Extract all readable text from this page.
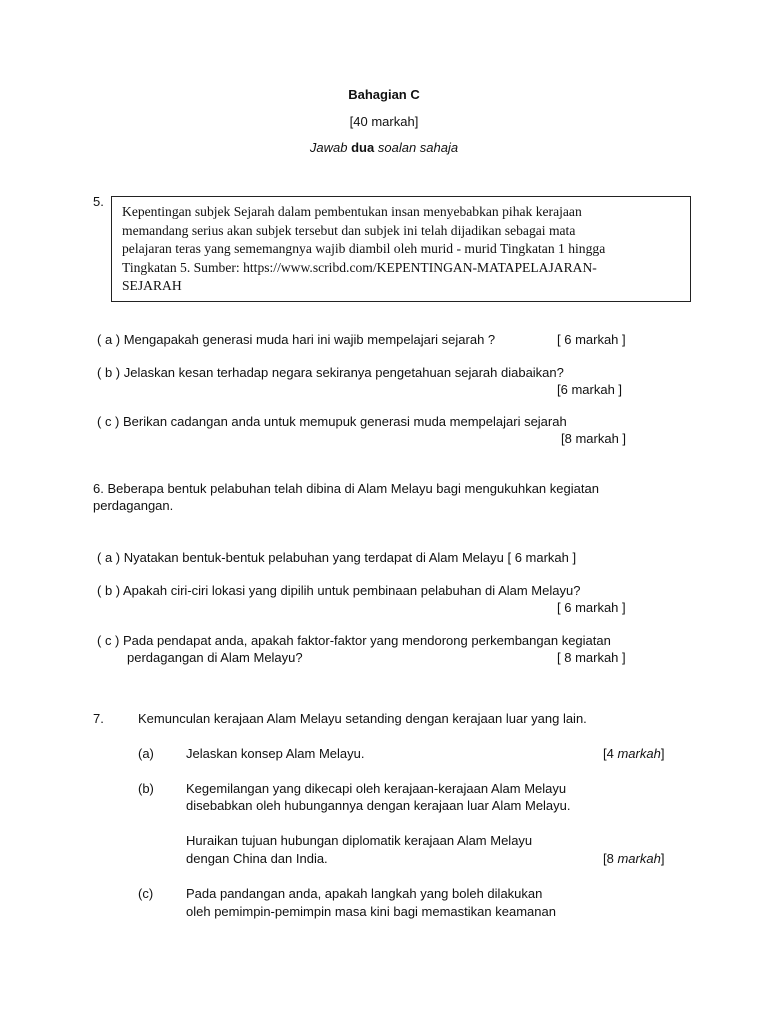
Bahagian C
[40 markah]
Jawab dua soalan sahaja
5.
Kepentingan subjek Sejarah dalam pembentukan insan menyebabkan pihak kerajaan
memandang serius akan subjek tersebut dan subjek ini telah dijadikan sebagai mata
pelajaran teras yang sememangnya wajib diambil oleh murid - murid Tingkatan 1 hingga
Tingkatan 5. Sumber: https://www.scribd.com/KEPENTINGAN-MATAPELAJARAN-
SEJARAH
( a ) Mengapakah generasi muda hari ini wajib mempelajari sejarah ?	[ 6 markah ]
( b ) Jelaskan kesan terhadap negara sekiranya pengetahuan sejarah diabaikan?
[6 markah ]
( c ) Berikan cadangan anda untuk memupuk generasi muda mempelajari sejarah
[8 markah ]
6. Beberapa bentuk pelabuhan telah dibina di Alam Melayu bagi mengukuhkan kegiatan
perdagangan.
( a ) Nyatakan bentuk-bentuk pelabuhan yang terdapat di Alam Melayu [ 6 markah ]
( b ) Apakah ciri-ciri lokasi yang dipilih untuk pembinaan pelabuhan di Alam Melayu?
[ 6 markah ]
( c ) Pada pendapat anda, apakah faktor-faktor yang mendorong perkembangan kegiatan
perdagangan di Alam Melayu?	[ 8 markah ]
7.	Kemunculan kerajaan Alam Melayu setanding dengan kerajaan luar yang lain.
(a) Jelaskan konsep Alam Melayu.	[4 markah]
(b) Kegemilangan yang dikecapi oleh kerajaan-kerajaan Alam Melayu
disebabkan oleh hubungannya dengan kerajaan luar Alam Melayu.
Huraikan tujuan hubungan diplomatik kerajaan Alam Melayu
dengan China dan India.	[8 markah]
(c)	Pada pandangan anda, apakah langkah yang boleh dilakukan
oleh pemimpin-pemimpin masa kini bagi memastikan keamanan
